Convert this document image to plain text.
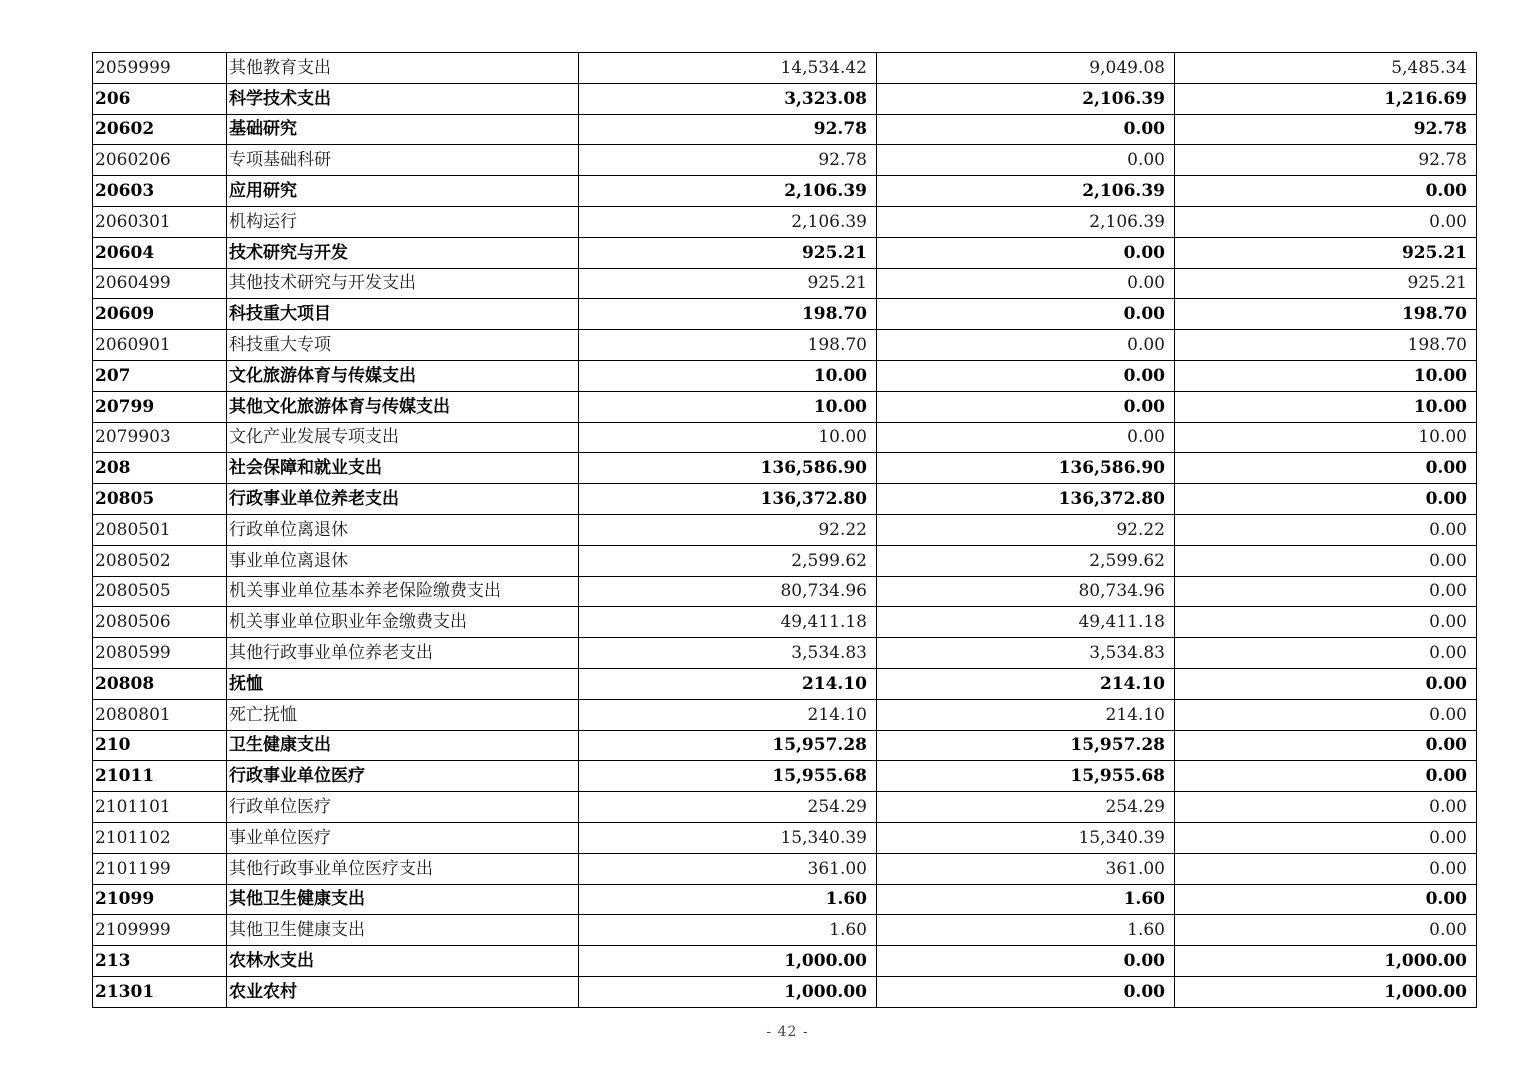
2059999	其他教育支出	14,534.42	9,049.08	5,485.34
206	科学技术支出	3,323.08	2,106.39	1,216.69
20602	基础研究	92.78	0.00	92.78
2060206	专项基础科研	92.78	0.00	92.78
20603	应用研究	2,106.39	2,106.39	0.00
2060301	机构运行	2,106.39	2,106.39	0.00
20604	技术研究与开发	925.21	0.00	925.21
2060499	其他技术研究与开发支出	925.21	0.00	925.21
20609	科技重大项目	198.70	0.00	198.70
2060901	科技重大专项	198.70	0.00	198.70
207	文化旅游体育与传媒支出	10.00	0.00	10.00
20799	其他文化旅游体育与传媒支出	10.00	0.00	10.00
2079903	文化产业发展专项支出	10.00	0.00	10.00
208	社会保障和就业支出	136,586.90	136,586.90	0.00
20805	行政事业单位养老支出	136,372.80	136,372.80	0.00
2080501	行政单位离退休	92.22	92.22	0.00
2080502	事业单位离退休	2,599.62	2,599.62	0.00
2080505	机关事业单位基本养老保险缴费支出	80,734.96	80,734.96	0.00
2080506	机关事业单位职业年金缴费支出	49,411.18	49,411.18	0.00
2080599	其他行政事业单位养老支出	3,534.83	3,534.83	0.00
20808	抚恤	214.10	214.10	0.00
2080801	死亡抚恤	214.10	214.10	0.00
210	卫生健康支出	15,957.28	15,957.28	0.00
21011	行政事业单位医疗	15,955.68	15,955.68	0.00
2101101	行政单位医疗	254.29	254.29	0.00
2101102	事业单位医疗	15,340.39	15,340.39	0.00
2101199	其他行政事业单位医疗支出	361.00	361.00	0.00
21099	其他卫生健康支出	1.60	1.60	0.00
2109999	其他卫生健康支出	1.60	1.60	0.00
213	农林水支出	1,000.00	0.00	1,000.00
21301	农业农村	1,000.00	0.00	1,000.00
- 42 -
